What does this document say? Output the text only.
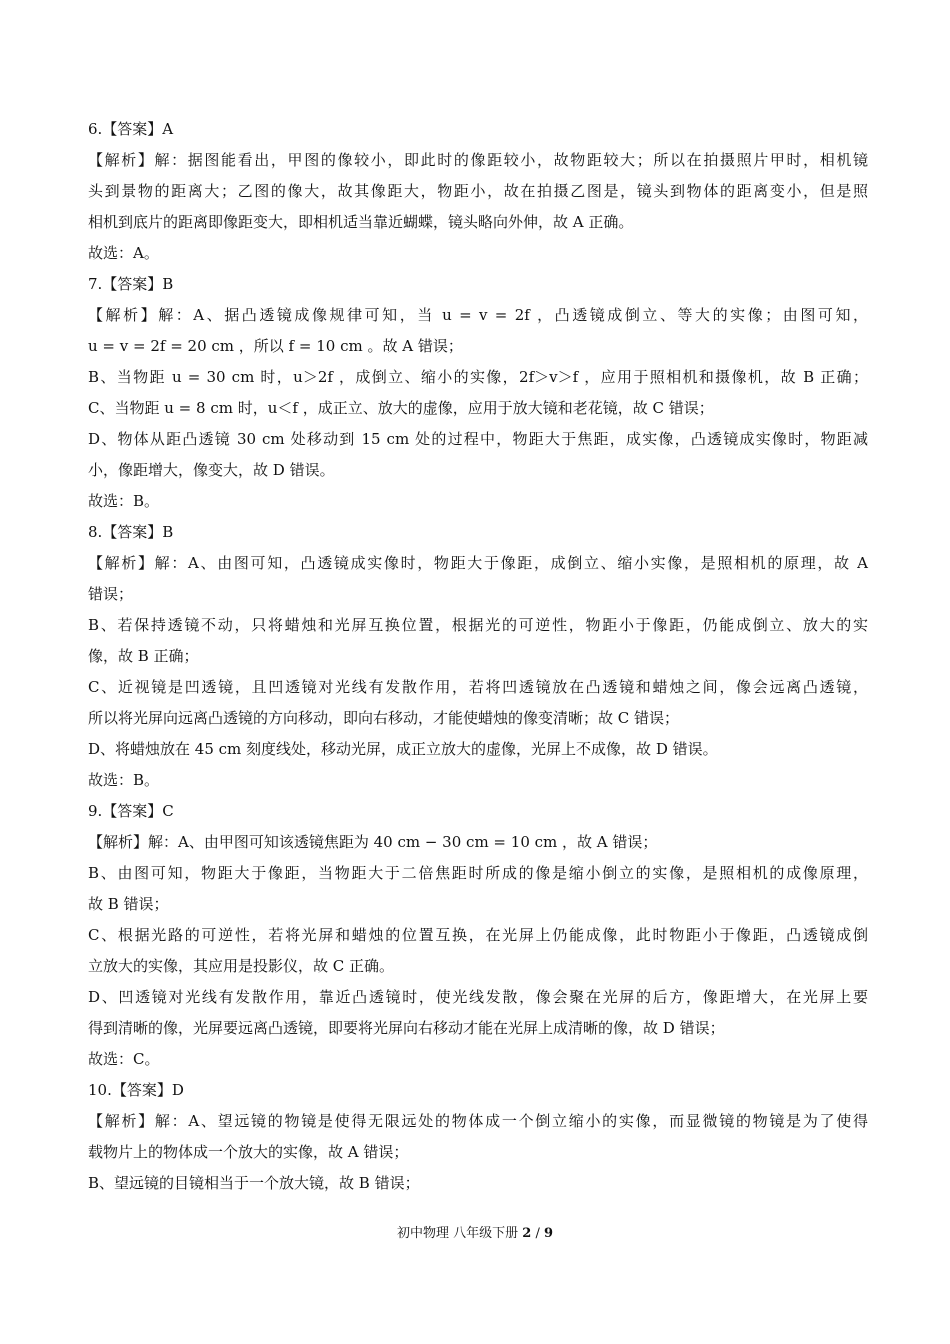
6.【答案】A
【解析】解：据图能看出，甲图的像较小，即此时的像距较小，故物距较大；所以在拍摄照片甲时，相机镜
头到景物的距离大；乙图的像大，故其像距大，物距小，故在拍摄乙图是，镜头到物体的距离变小，但是照
相机到底片的距离即像距变大，即相机适当靠近蝴蝶，镜头略向外伸，故 A 正确。
故选：A。
7.【答案】B
【解析】解：A、据凸透镜成像规律可知，当 u = v = 2f ，凸透镜成倒立、等大的实像；由图可知，
u = v = 2f = 20 cm ，所以 f = 10 cm 。故 A 错误；
B、当物距 u = 30 cm 时，u＞2f ，成倒立、缩小的实像，2f＞v＞f ，应用于照相机和摄像机，故 B 正确；
C、当物距 u = 8 cm 时，u＜f ，成正立、放大的虚像，应用于放大镜和老花镜，故 C 错误；
D、物体从距凸透镜 30 cm 处移动到 15 cm 处的过程中，物距大于焦距，成实像，凸透镜成实像时，物距减
小，像距增大，像变大，故 D 错误。
故选：B。
8.【答案】B
【解析】解：A、由图可知，凸透镜成实像时，物距大于像距，成倒立、缩小实像，是照相机的原理，故 A
错误；
B、若保持透镜不动，只将蜡烛和光屏互换位置，根据光的可逆性，物距小于像距，仍能成倒立、放大的实
像，故 B 正确；
C、近视镜是凹透镜，且凹透镜对光线有发散作用，若将凹透镜放在凸透镜和蜡烛之间，像会远离凸透镜，
所以将光屏向远离凸透镜的方向移动，即向右移动，才能使蜡烛的像变清晰；故 C 错误；
D、将蜡烛放在 45 cm 刻度线处，移动光屏，成正立放大的虚像，光屏上不成像，故 D 错误。
故选：B。
9.【答案】C
【解析】解：A、由甲图可知该透镜焦距为 40 cm − 30 cm = 10 cm ，故 A 错误；
B、由图可知，物距大于像距，当物距大于二倍焦距时所成的像是缩小倒立的实像，是照相机的成像原理，
故 B 错误；
C、根据光路的可逆性，若将光屏和蜡烛的位置互换，在光屏上仍能成像，此时物距小于像距，凸透镜成倒
立放大的实像，其应用是投影仪，故 C 正确。
D、凹透镜对光线有发散作用，靠近凸透镜时，使光线发散，像会聚在光屏的后方，像距增大，在光屏上要
得到清晰的像，光屏要远离凸透镜，即要将光屏向右移动才能在光屏上成清晰的像，故 D 错误；
故选：C。
10.【答案】D
【解析】解：A、望远镜的物镜是使得无限远处的物体成一个倒立缩小的实像，而显微镜的物镜是为了使得
载物片上的物体成一个放大的实像，故 A 错误；
B、望远镜的目镜相当于一个放大镜，故 B 错误；
初中物理 八年级下册 2 / 9
